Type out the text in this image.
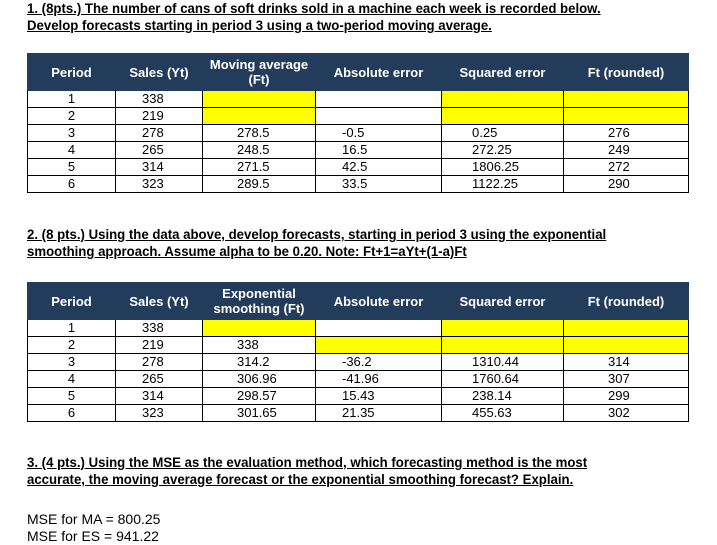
1. (8pts.) The number of cans of soft drinks sold in a machine each week is recorded below. Develop forecasts starting in period 3 using a two-period moving average.
Period	Sales (Yt)	Moving average (Ft)	Absolute error	Squared error	Ft (rounded)
1	338				
2	219				
3	278	278.5	-0.5	0.25	276
4	265	248.5	16.5	272.25	249
5	314	271.5	42.5	1806.25	272
6	323	289.5	33.5	1122.25	290
2. (8 pts.) Using the data above, develop forecasts, starting in period 3 using the exponential smoothing approach. Assume alpha to be 0.20. Note: Ft+1=aYt+(1-a)Ft
Period	Sales (Yt)	Exponential smoothing (Ft)	Absolute error	Squared error	Ft (rounded)
1	338				
2	219	338			
3	278	314.2	-36.2	1310.44	314
4	265	306.96	-41.96	1760.64	307
5	314	298.57	15.43	238.14	299
6	323	301.65	21.35	455.63	302
3. (4 pts.) Using the MSE as the evaluation method, which forecasting method is the most accurate, the moving average forecast or the exponential smoothing forecast? Explain.
MSE for MA = 800.25
MSE for ES = 941.22
